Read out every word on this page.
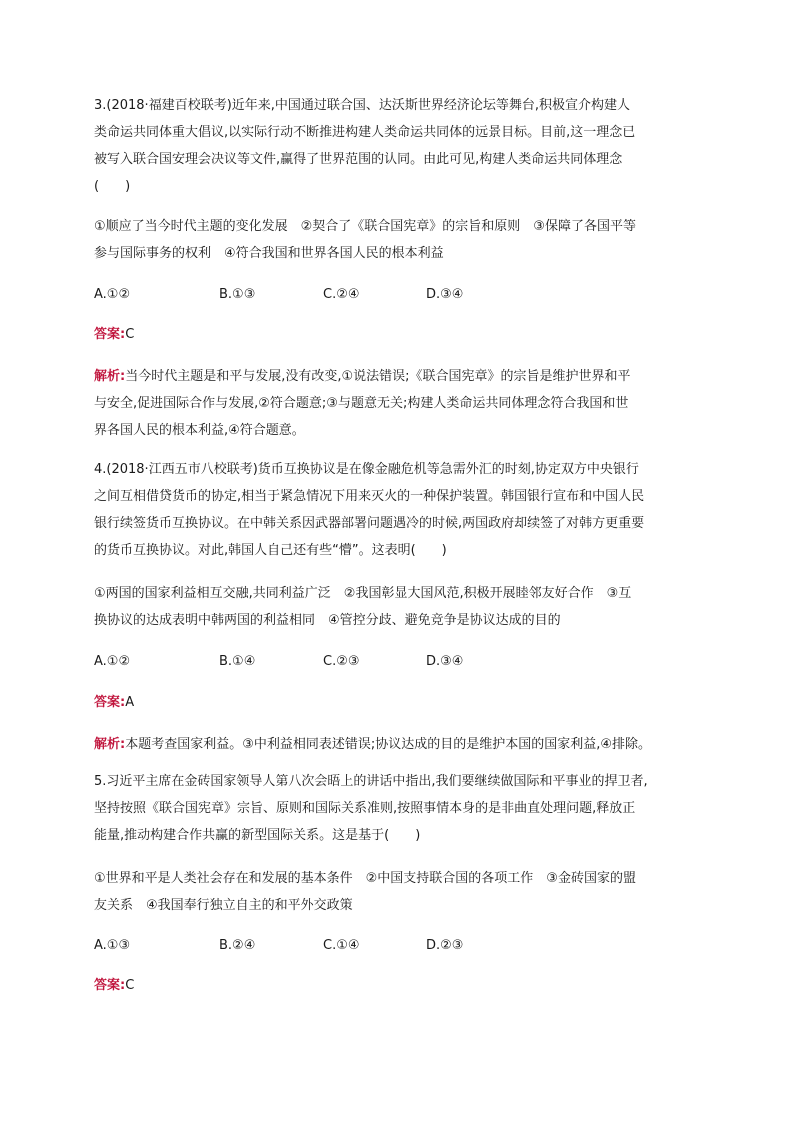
3.(2018·福建百校联考)近年来,中国通过联合国、达沃斯世界经济论坛等舞台,积极宣介构建人
类命运共同体重大倡议,以实际行动不断推进构建人类命运共同体的远景目标。目前,这一理念已
被写入联合国安理会决议等文件,赢得了世界范围的认同。由此可见,构建人类命运共同体理念
(　　)
①顺应了当今时代主题的变化发展　②契合了《联合国宪章》的宗旨和原则　③保障了各国平等
参与国际事务的权利　④符合我国和世界各国人民的根本利益
A.①②	B.①③	C.②④	D.③④
答案:C
解析:当今时代主题是和平与发展,没有改变,①说法错误;《联合国宪章》的宗旨是维护世界和平
与安全,促进国际合作与发展,②符合题意;③与题意无关;构建人类命运共同体理念符合我国和世
界各国人民的根本利益,④符合题意。
4.(2018·江西五市八校联考)货币互换协议是在像金融危机等急需外汇的时刻,协定双方中央银行
之间互相借贷货币的协定,相当于紧急情况下用来灭火的一种保护装置。韩国银行宣布和中国人民
银行续签货币互换协议。在中韩关系因武器部署问题遇冷的时候,两国政府却续签了对韩方更重要
的货币互换协议。对此,韩国人自己还有些“懵”。这表明(　　)
①两国的国家利益相互交融,共同利益广泛　②我国彰显大国风范,积极开展睦邻友好合作　③互
换协议的达成表明中韩两国的利益相同　④管控分歧、避免竞争是协议达成的目的
A.①②	B.①④	C.②③	D.③④
答案:A
解析:本题考查国家利益。③中利益相同表述错误;协议达成的目的是维护本国的国家利益,④排除。
5.习近平主席在金砖国家领导人第八次会晤上的讲话中指出,我们要继续做国际和平事业的捍卫者,
坚持按照《联合国宪章》宗旨、原则和国际关系准则,按照事情本身的是非曲直处理问题,释放正
能量,推动构建合作共赢的新型国际关系。这是基于(　　)
①世界和平是人类社会存在和发展的基本条件　②中国支持联合国的各项工作　③金砖国家的盟
友关系　④我国奉行独立自主的和平外交政策
A.①③	B.②④	C.①④	D.②③
答案:C
